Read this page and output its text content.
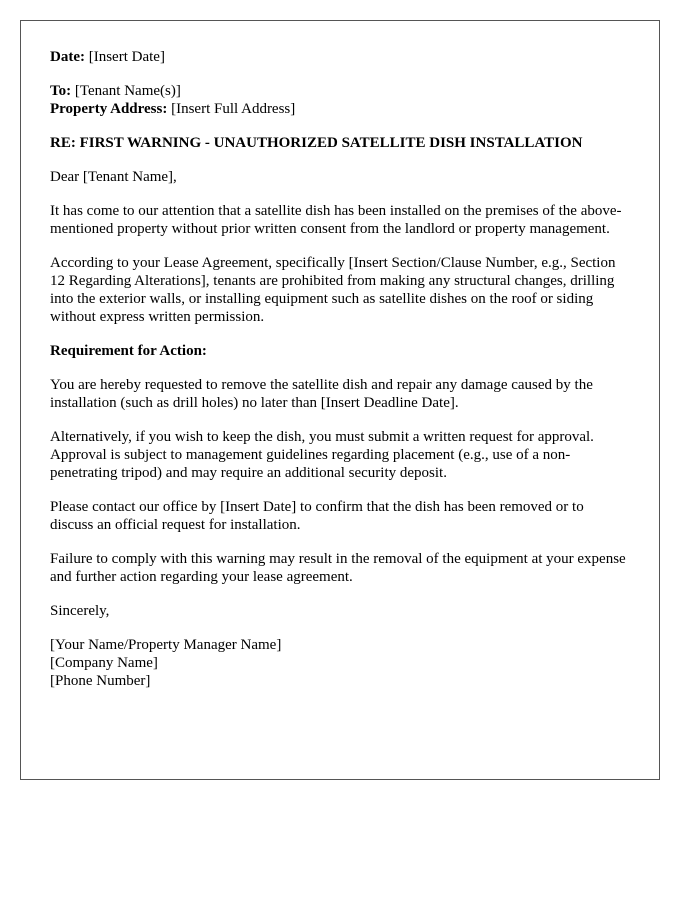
Date: [Insert Date]
To: [Tenant Name(s)]
Property Address: [Insert Full Address]
RE: FIRST WARNING - UNAUTHORIZED SATELLITE DISH INSTALLATION

Dear [Tenant Name],

It has come to our attention that a satellite dish has been installed on the premises of the above-mentioned property without prior written consent from the landlord or property management.

According to your Lease Agreement, specifically [Insert Section/Clause Number, e.g., Section 12 Regarding Alterations], tenants are prohibited from making any structural changes, drilling into the exterior walls, or installing equipment such as satellite dishes on the roof or siding without express written permission.

Requirement for Action:

You are hereby requested to remove the satellite dish and repair any damage caused by the installation (such as drill holes) no later than [Insert Deadline Date].

Alternatively, if you wish to keep the dish, you must submit a written request for approval. Approval is subject to management guidelines regarding placement (e.g., use of a non-penetrating tripod) and may require an additional security deposit.

Please contact our office by [Insert Date] to confirm that the dish has been removed or to discuss an official request for installation.

Failure to comply with this warning may result in the removal of the equipment at your expense and further action regarding your lease agreement.

Sincerely,

[Your Name/Property Manager Name]
[Company Name]
[Phone Number]
